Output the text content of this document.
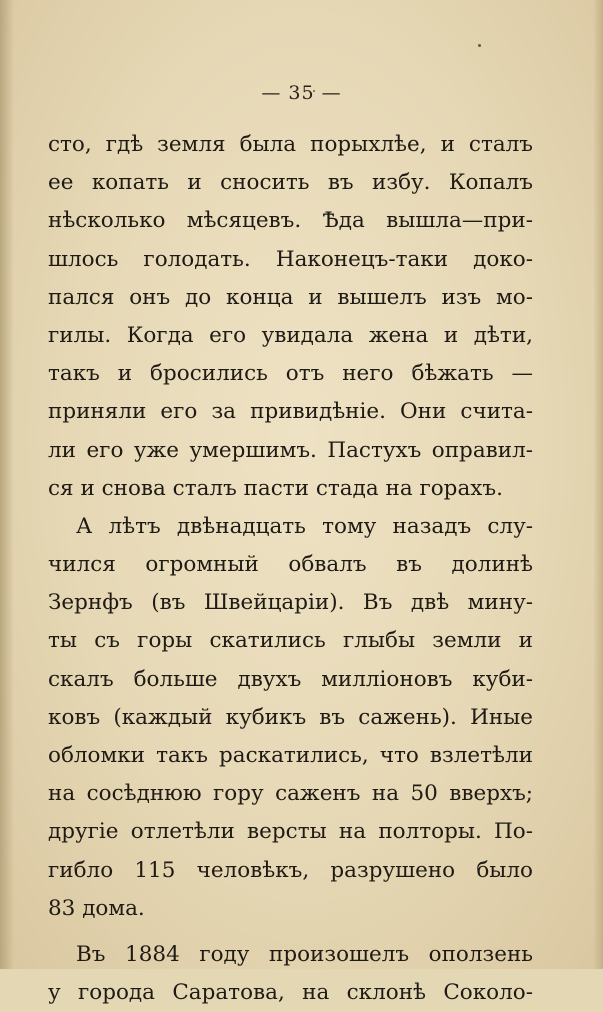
— 35 —
сто, гдѣ земля была порыхлѣе, и сталъ
ее копать и сносить въ избу. Копалъ
нѣсколько мѣсяцевъ. Ѣда вышла—при-
шлось голодать. Наконецъ-таки доко-
пался онъ до конца и вышелъ изъ мо-
гилы. Когда его увидала жена и дѣти,
такъ и бросились отъ него бѣжать —
приняли его за привидѣніе. Они счита-
ли его уже умершимъ. Пастухъ оправил-
ся и снова сталъ пасти стада на горахъ.
А лѣтъ двѣнадцать тому назадъ слу-
чился огромный обвалъ въ долинѣ
Зернфъ (въ Швейцаріи). Въ двѣ мину-
ты съ горы скатились глыбы земли и
скалъ больше двухъ милліоновъ куби-
ковъ (каждый кубикъ въ сажень). Иные
обломки такъ раскатились, что взлетѣли
на сосѣднюю гору саженъ на 50 вверхъ;
другіе отлетѣли версты на полторы. По-
гибло 115 человѣкъ, разрушено было
83 дома.
Въ 1884 году произошелъ оползень
у города Саратова, на склонѣ Соколо-
